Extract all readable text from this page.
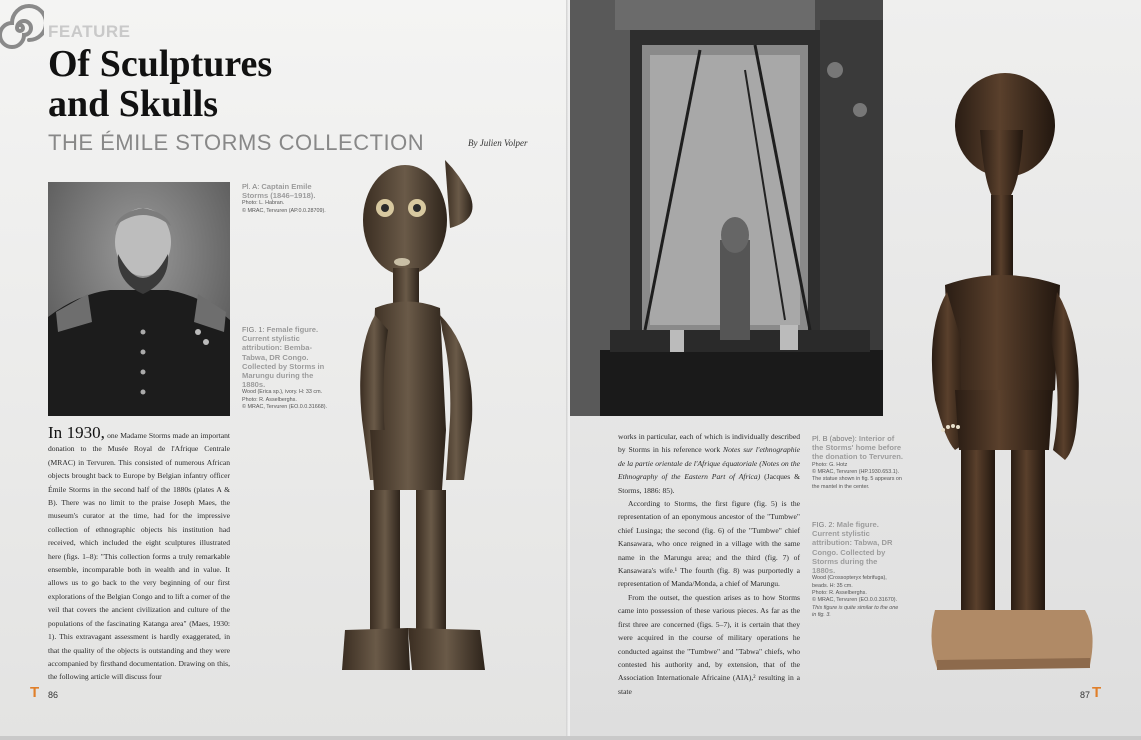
FEATURE
Of Sculptures
and Skulls
THE ÉMILE STORMS COLLECTION	By Julien Volper
Pl. A: Captain Emile Storms (1846–1918).
Photo: L. Habran.
© MRAC, Tervuren (AP.0.0.28709).
FIG. 1: Female figure. Current stylistic attribution: Bemba-Tabwa, DR Congo. Collected by Storms in Marungu during the 1880s.
Wood (Erica sp.), ivory. H: 33 cm.
Photo: R. Asselberghs.
© MRAC, Tervuren (EO.0.0.31668).

In 1930, one Madame Storms made an important donation to the Musée Royal de l'Afrique Centrale (MRAC) in Tervuren. This consisted of numerous African objects brought back to Europe by Belgian infantry officer Émile Storms in the second half of the 1880s (plates A & B). There was no limit to the praise Joseph Maes, the museum's curator at the time, had for the impressive collection of ethnographic objects his institution had received, which included the eight sculptures illustrated here (figs. 1–8): "This collection forms a truly remarkable ensemble, incomparable both in wealth and in value. It allows us to go back to the very beginning of our first explorations of the Belgian Congo and to lift a corner of the veil that covers the ancient civilization and culture of the populations of the fascinating Katanga area" (Maes, 1930: 1). This extravagant assessment is hardly exaggerated, in that the quality of the objects is outstanding and they were accompanied by firsthand documentation. Drawing on this, the following article will discuss four

T 86

works in particular, each of which is individually described by Storms in his reference work Notes sur l'ethnographie de la partie orientale de l'Afrique équatoriale (Notes on the Ethnography of the Eastern Part of Africa) (Jacques & Storms, 1886: 85).

According to Storms, the first figure (fig. 5) is the representation of an eponymous ancestor of the "Tumbwe" chief Lusinga; the second (fig. 6) of the "Tumbwe" chief Kansawara, who once reigned in a village with the same name in the Marungu area; and the third (fig. 7) of Kansawara's wife.¹ The fourth (fig. 8) was purportedly a representation of Manda/Monda, a chief of Marungu.

From the outset, the question arises as to how Storms came into possession of these various pieces. As far as the first three are concerned (figs. 5–7), it is certain that they were acquired in the course of military operations he conducted against the "Tumbwe" and "Tabwa" chiefs, who contested his authority and, by extension, that of the Association Internationale Africaine (AIA),² resulting in a state

Pl. B (above): Interior of the Storms' home before the donation to Tervuren.
Photo: G. Hotz
© MRAC, Tervuren (HP.1930.653.1).
The statue shown in fig. 5 appears on the mantel in the center.
FIG. 2: Male figure. Current stylistic attribution: Tabwa, DR Congo. Collected by Storms during the 1880s.
Wood (Crossopteryx febrifuga), beads. H: 35 cm.
Photo: R. Asselberghs.
© MRAC, Tervuren (EO.0.0.31670).
This figure is quite similar to the one in fig. 3.
87 T
